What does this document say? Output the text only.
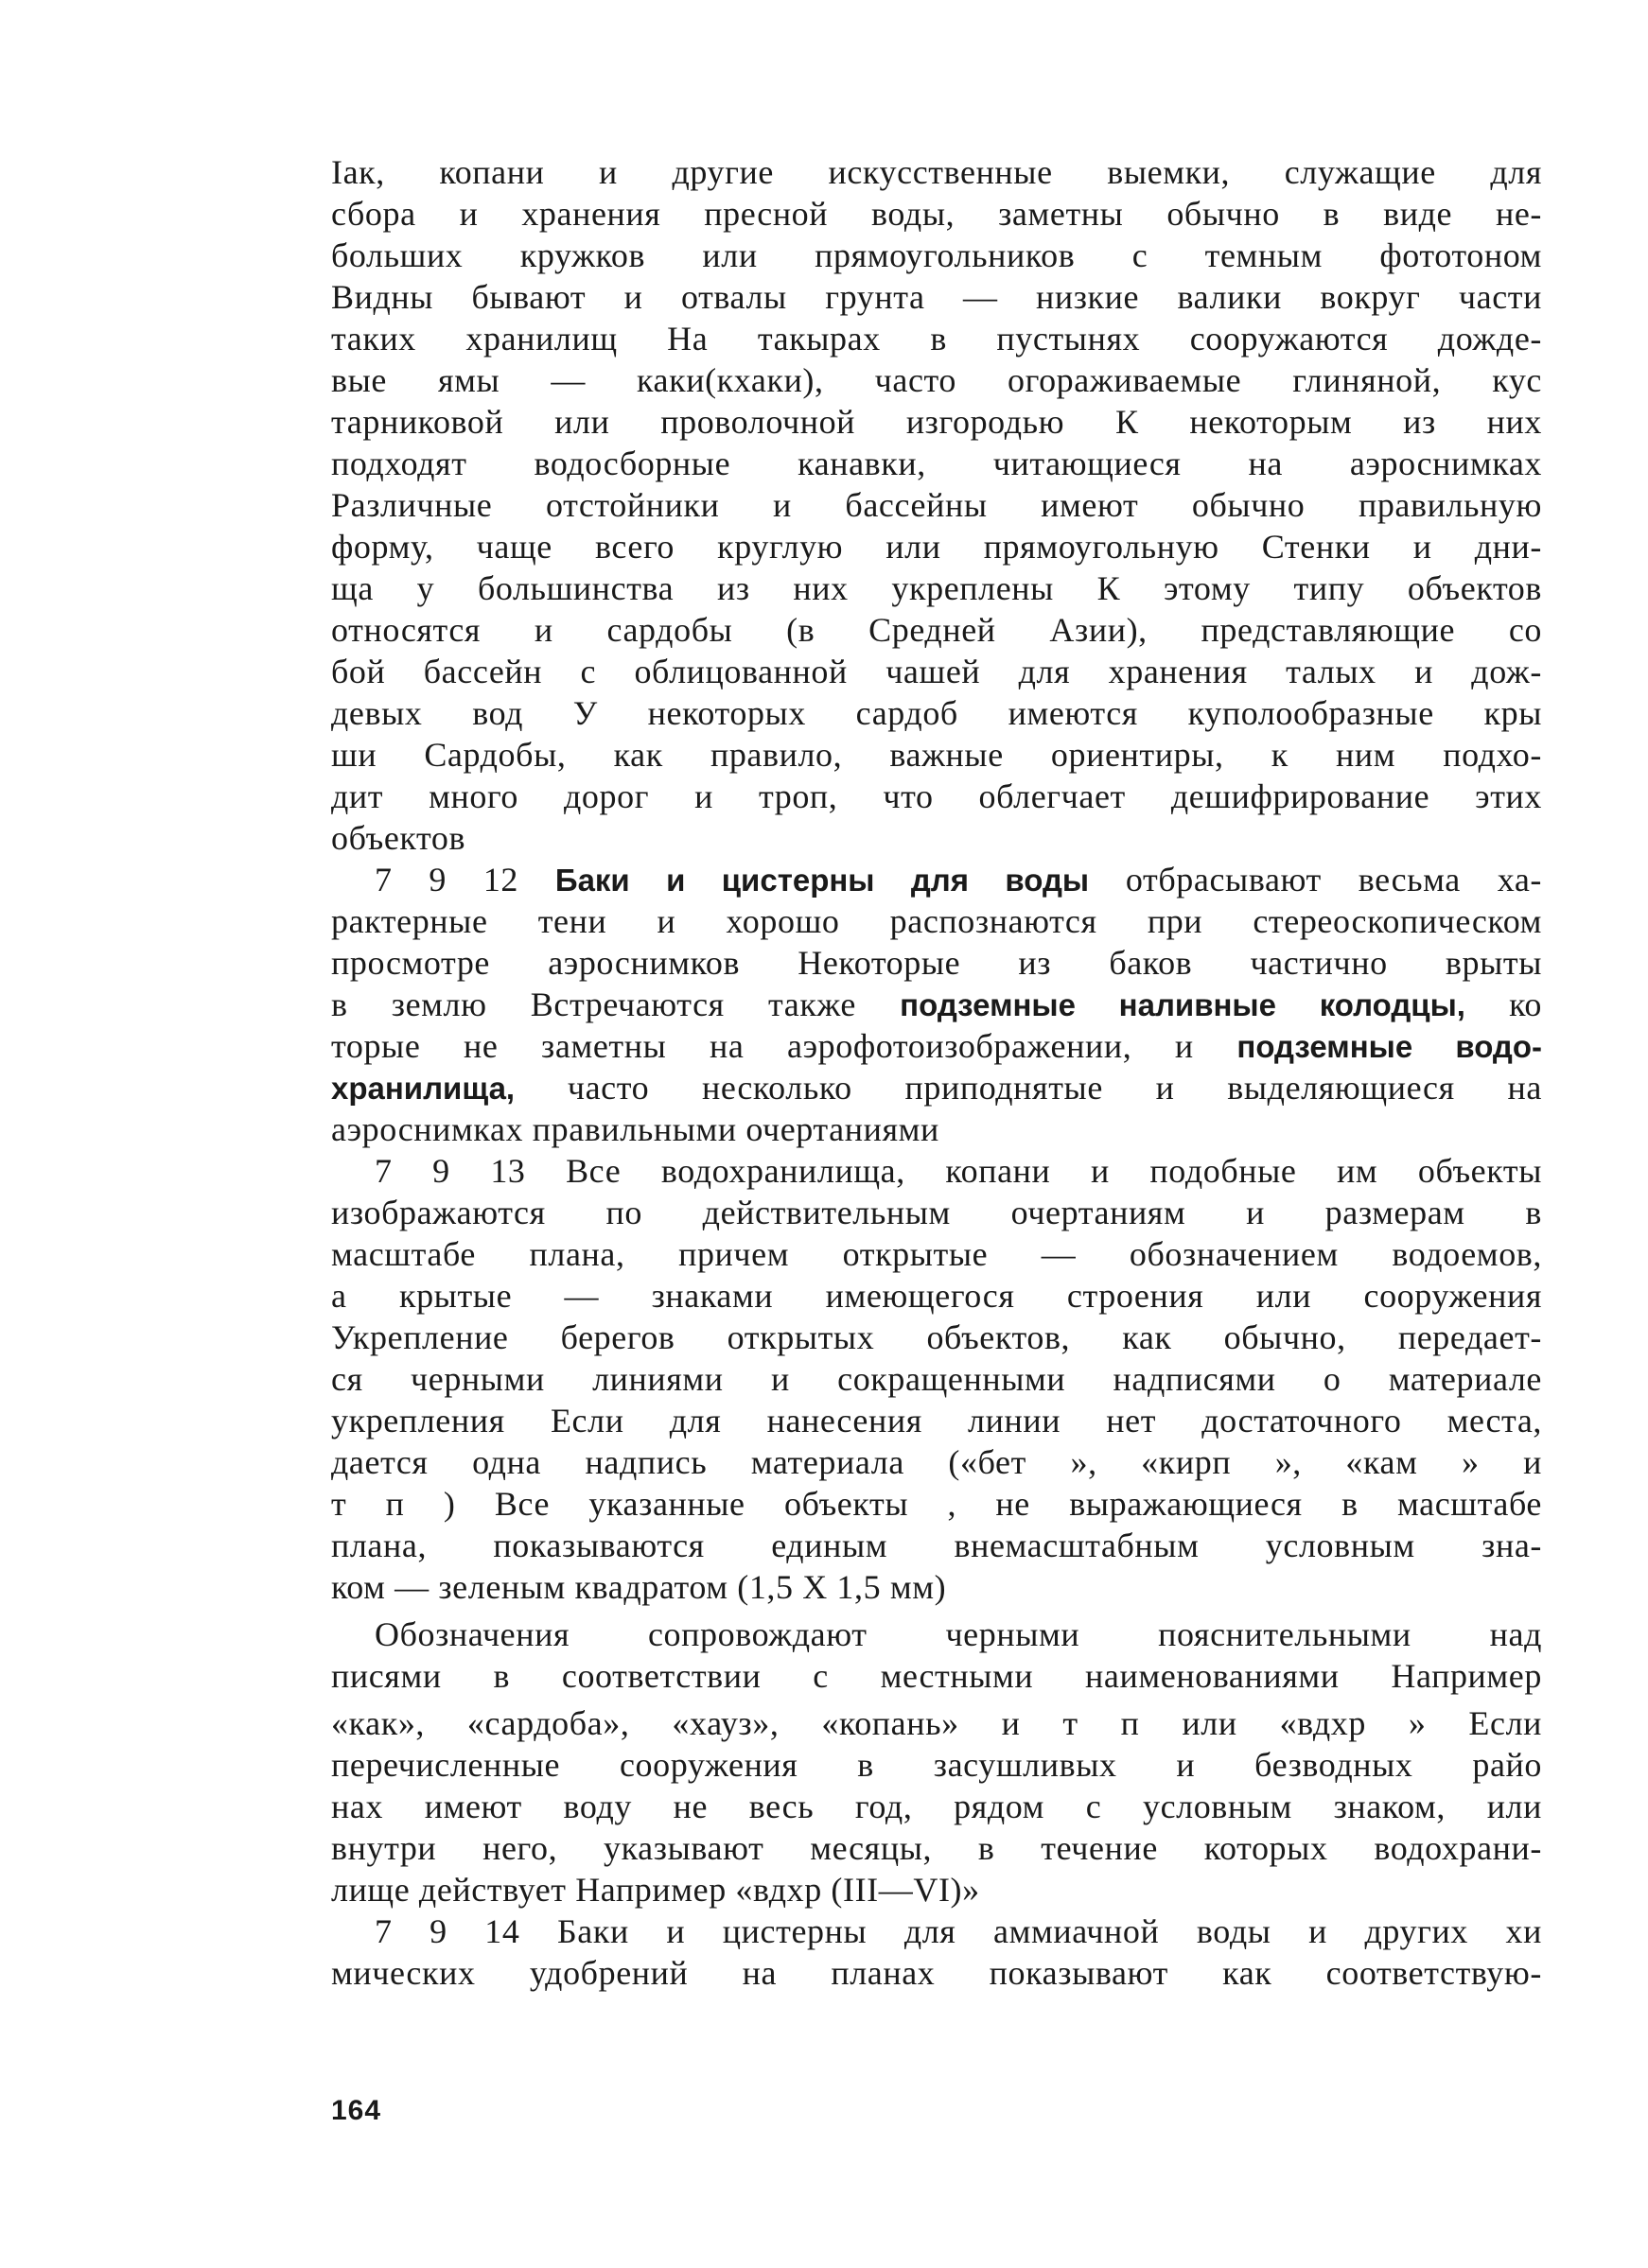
Iак, копани и другие искусственные выемки, служащие для
сбора и хранения пресной воды, заметны обычно в виде не-
больших кружков или прямоугольников с темным фототоном
Видны бывают и отвалы грунта — низкие валики вокруг части
таких хранилищ На такырах в пустынях сооружаются дожде-
вые ямы — каки(кхаки), часто огораживаемые глиняной, кус
тарниковой или проволочной изгородью К некоторым из них
подходят водосборные канавки, читающиеся на аэроснимках
Различные отстойники и бассейны имеют обычно правильную
форму, чаще всего круглую или прямоугольную Стенки и дни-
ща у большинства из них укреплены К этому типу объектов
относятся и сардобы (в Средней Азии), представляющие со
бой бассейн с облицованной чашей для хранения талых и дож-
девых вод У некоторых сардоб имеются куполообразные кры
ши Сардобы, как правило, важные ориентиры, к ним подхо-
дит много дорог и троп, что облегчает дешифрирование этих
объектов
7 9 12 Баки и цистерны для воды отбрасывают весьма ха-
рактерные тени и хорошо распознаются при стереоскопическом
просмотре аэроснимков Некоторые из баков частично врыты
в землю Встречаются также подземные наливные колодцы, ко
торые не заметны на аэрофотоизображении, и подземные водо-
хранилища, часто несколько приподнятые и выделяющиеся на
аэроснимках правильными очертаниями
7 9 13 Все водохранилища, копани и подобные им объекты
изображаются по действительным очертаниям и размерам в
масштабе плана, причем открытые — обозначением водоемов,
а крытые — знаками имеющегося строения или сооружения
Укрепление берегов открытых объектов, как обычно, передает-
ся черными линиями и сокращенными надписями о материале
укрепления Если для нанесения линии нет достаточного места,
дается одна надпись материала («бет », «кирп », «кам » и
т п ) Все указанные объекты , не выражающиеся в масштабе
плана, показываются единым внемасштабным условным зна-
ком — зеленым квадратом (1,5 X 1,5 мм)
Обозначения сопровождают черными пояснительными над
писями в соответствии с местными наименованиями Например
«как», «сардоба», «хауз», «копань» и т п или «вдхр » Если
перечисленные сооружения в засушливых и безводных райо
нах имеют воду не весь год, рядом с условным знаком, или
внутри него, указывают месяцы, в течение которых водохрани-
лище действует Например «вдхр (III—VI)»
7 9 14 Баки и цистерны для аммиачной воды и других хи
мических удобрений на планах показывают как соответствую-
164
